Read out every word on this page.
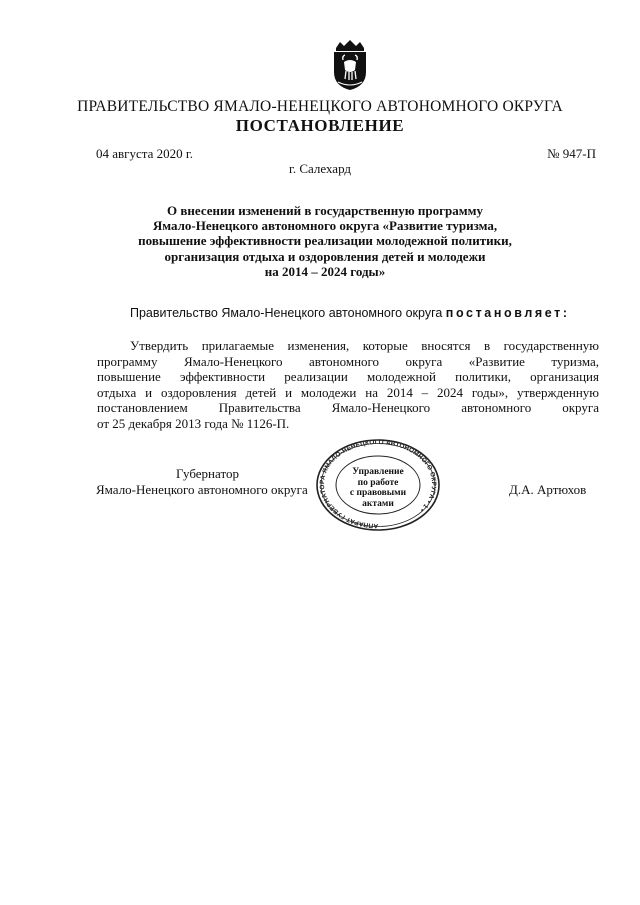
ПРАВИТЕЛЬСТВО ЯМАЛО-НЕНЕЦКОГО АВТОНОМНОГО ОКРУГА
ПОСТАНОВЛЕНИЕ
04 августа 2020 г.	№ 947-П
г. Салехард
О внесении изменений в государственную программу
Ямало-Ненецкого автономного округа «Развитие туризма,
повышение эффективности реализации молодежной политики,
организация отдыха и оздоровления детей и молодежи
на 2014 – 2024 годы»
Правительство Ямало-Ненецкого автономного округа постановляет:
Утвердить прилагаемые изменения, которые вносятся в государственную
программу Ямало-Ненецкого автономного округа «Развитие туризма,
повышение эффективности реализации молодежной политики, организация
отдыха и оздоровления детей и молодежи на 2014 – 2024 годы», утвержденную
постановлением Правительства Ямало-Ненецкого автономного округа
от 25 декабря 2013 года № 1126-П.
Губернатор
Ямало-Ненецкого автономного округа	Д.А. Артюхов
АППАРАТ ГУБЕРНАТОРА ЯМАЛО-НЕНЕЦКОГО АВТОНОМНОГО ОКРУГА • 1 •
Управление
по работе
с правовыми
актами
